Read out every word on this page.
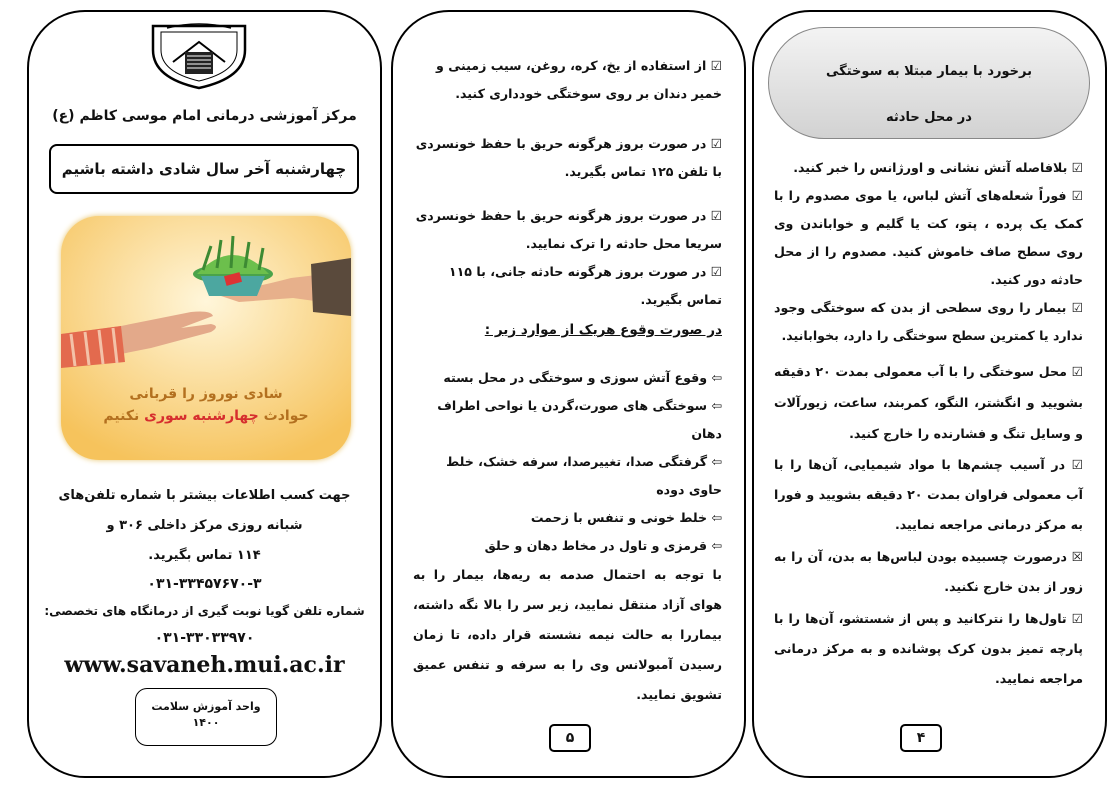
مرکز آموزشی درمانی امام موسی کاظم (ع)
چهارشنبه آخر سال شادی داشته باشیم
شادی نوروز را قربانی
حوادث چهارشنبه سوری نکنیم
جهت کسب اطلاعات بیشتر با شماره تلفن‌های
شبانه روزی مرکز داخلی ۳۰۶ و
۱۱۴ تماس بگیرید.
۰۳۱-۳۳۴۵۷۶۷۰-۳
شماره تلفن گویا نوبت گیری از درمانگاه های تخصصی:
۰۳۱-۳۳۰۳۳۹۷۰
www.savaneh.mui.ac.ir
واحد آموزش سلامت
۱۴۰۰
☑ از استفاده از یخ، کره، روغن، سیب زمینی و خمیر دندان بر روی سوختگی خودداری کنید.
☑ در صورت بروز هرگونه حریق با حفظ خونسردی با تلفن ۱۲۵ تماس بگیرید.
☑ در صورت بروز هرگونه حریق با حفظ خونسردی سریعا محل حادثه را ترک نمایید.
☑ در صورت بروز هرگونه حادثه جانی، با ۱۱۵ تماس بگیرید.
در صورت وقوع هریک از موارد زیر :
⇦ وقوع آتش سوزی و سوختگی در محل بسته
⇦ سوختگی های صورت،گردن یا نواحی اطراف دهان
⇦ گرفتگی صدا، تغییرصدا، سرفه خشک، خلط حاوی دوده
⇦ خلط خونی و تنفس با زحمت
⇦ قرمزی و تاول در مخاط دهان و حلق
با توجه به احتمال صدمه به ریه‌ها، بیمار را به هوای آزاد منتقل نمایید، زیر سر را بالا نگه داشته، بیماررا به حالت نیمه نشسته قرار داده، تا زمان رسیدن آمبولانس وی را به سرفه و تنفس عمیق تشویق نمایید.
۵
برخورد با بیمار مبتلا به سوختگی
در محل حادثه
☑ بلافاصله آتش نشانی و اورژانس را خبر کنید.
☑ فوراً شعله‌های آتش لباس، یا موی مصدوم را با کمک یک پرده ، پتو، کت یا گلیم و خواباندن وی روی سطح صاف خاموش کنید. مصدوم را از محل حادثه دور کنید.
☑ بیمار را روی سطحی از بدن که سوختگی وجود ندارد یا کمترین سطح سوختگی را دارد، بخوابانید.
☑ محل سوختگی را با آب معمولی بمدت ۲۰ دقیقه بشویید و انگشتر، النگو، کمربند، ساعت، زیورآلات و وسایل تنگ و فشارنده را خارج کنید.
☑ در آسیب چشم‌ها با مواد شیمیایی، آن‌ها را با آب معمولی فراوان بمدت ۲۰ دقیقه بشویید و فورا به مرکز درمانی مراجعه نمایید.
☒ درصورت چسبیده بودن لباس‌ها به بدن، آن را به زور از بدن خارج نکنید.
☑ تاول‌ها را نترکانید و پس از شستشو، آن‌ها را با پارچه تمیز بدون کرک پوشانده و به مرکز درمانی مراجعه نمایید.
۴
